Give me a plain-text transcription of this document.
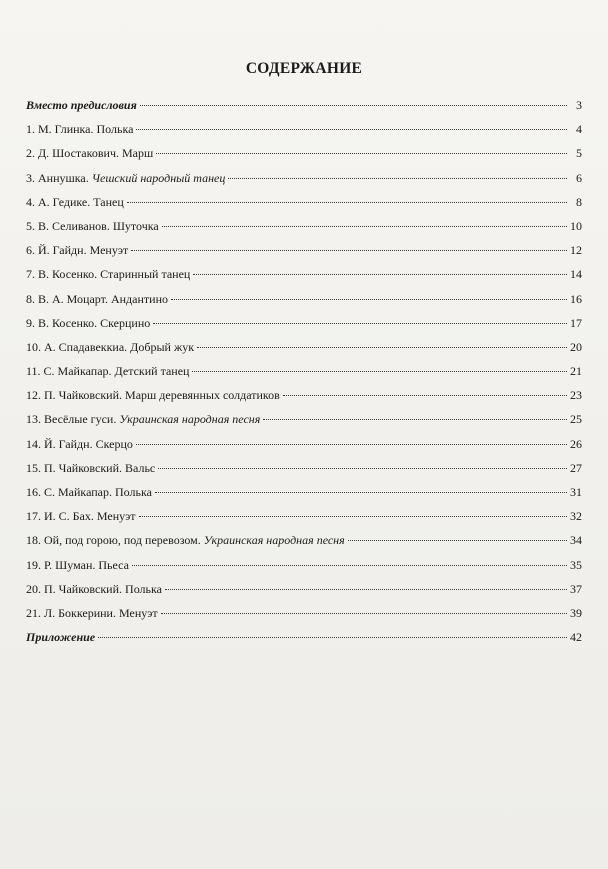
СОДЕРЖАНИЕ
Вместо предисловия	3
1. М. Глинка. Полька	4
2. Д. Шостакович. Марш	5
3. Аннушка. Чешский народный танец	6
4. А. Гедике. Танец	8
5. В. Селиванов. Шуточка	10
6. Й. Гайдн. Менуэт	12
7. В. Косенко. Старинный танец	14
8. В. А. Моцарт. Андантино	16
9. В. Косенко. Скерцино	17
10. А. Спадавеккиа. Добрый жук	20
11. С. Майкапар. Детский танец	21
12. П. Чайковский. Марш деревянных солдатиков	23
13. Весёлые гуси. Украинская народная песня	25
14. Й. Гайдн. Скерцо	26
15. П. Чайковский. Вальс	27
16. С. Майкапар. Полька	31
17. И. С. Бах. Менуэт	32
18. Ой, под горою, под перевозом. Украинская народная песня	34
19. Р. Шуман. Пьеса	35
20. П. Чайковский. Полька	37
21. Л. Боккерини. Менуэт	39
Приложение	42
